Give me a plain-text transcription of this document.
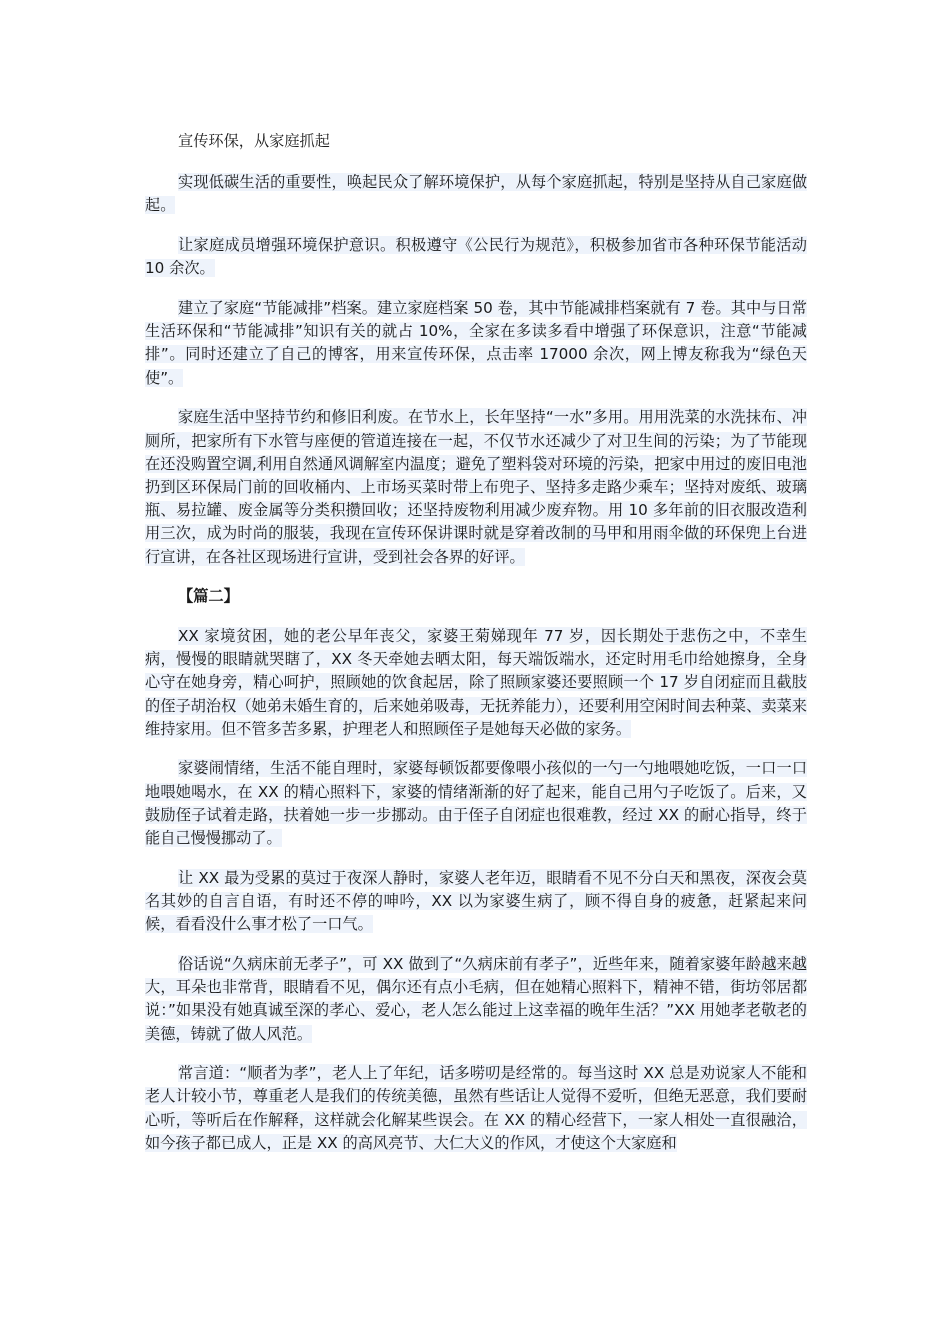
宣传环保，从家庭抓起

实现低碳生活的重要性，唤起民众了解环境保护，从每个家庭抓起，特别是坚持从自己家庭做起。

让家庭成员增强环境保护意识。积极遵守《公民行为规范》，积极参加省市各种环保节能活动 10 余次。

建立了家庭“节能减排”档案。建立家庭档案 50 卷，其中节能减排档案就有 7 卷。其中与日常生活环保和“节能减排”知识有关的就占 10%，全家在多读多看中增强了环保意识，注意“节能减排”。同时还建立了自己的博客，用来宣传环保，点击率 17000 余次，网上博友称我为“绿色天使”。

家庭生活中坚持节约和修旧利废。在节水上，长年坚持“一水”多用。用用洗菜的水洗抹布、冲厕所，把家所有下水管与座便的管道连接在一起，不仅节水还减少了对卫生间的污染；为了节能现在还没购置空调,利用自然通风调解室内温度；避免了塑料袋对环境的污染，把家中用过的废旧电池扔到区环保局门前的回收桶内、上市场买菜时带上布兜子、坚持多走路少乘车；坚持对废纸、玻璃瓶、易拉罐、废金属等分类积攒回收；还坚持废物利用减少废弃物。用 10 多年前的旧衣服改造利用三次，成为时尚的服装，我现在宣传环保讲课时就是穿着改制的马甲和用雨伞做的环保兜上台进行宣讲，在各社区现场进行宣讲，受到社会各界的好评。

【篇二】

XX 家境贫困，她的老公早年丧父，家婆王菊娣现年 77 岁，因长期处于悲伤之中，不幸生病，慢慢的眼睛就哭瞎了，XX 冬天牵她去晒太阳，每天端饭端水，还定时用毛巾给她擦身，全身心守在她身旁，精心呵护，照顾她的饮食起居，除了照顾家婆还要照顾一个 17 岁自闭症而且截肢的侄子胡治权（她弟未婚生育的，后来她弟吸毒，无抚养能力），还要利用空闲时间去种菜、卖菜来维持家用。但不管多苦多累，护理老人和照顾侄子是她每天必做的家务。

家婆闹情绪，生活不能自理时，家婆每顿饭都要像喂小孩似的一勺一勺地喂她吃饭，一口一口地喂她喝水，在 XX 的精心照料下，家婆的情绪渐渐的好了起来，能自己用勺子吃饭了。后来，又鼓励侄子试着走路，扶着她一步一步挪动。由于侄子自闭症也很难教，经过 XX 的耐心指导，终于能自己慢慢挪动了。

让 XX 最为受累的莫过于夜深人静时，家婆人老年迈，眼睛看不见不分白天和黑夜，深夜会莫名其妙的自言自语，有时还不停的呻吟，XX 以为家婆生病了，顾不得自身的疲惫，赶紧起来问候，看看没什么事才松了一口气。

俗话说“久病床前无孝子”，可 XX 做到了“久病床前有孝子”，近些年来，随着家婆年龄越来越大，耳朵也非常背，眼睛看不见，偶尔还有点小毛病，但在她精心照料下，精神不错，街坊邻居都说：”如果没有她真诚至深的孝心、爱心，老人怎么能过上这幸福的晚年生活？”XX 用她孝老敬老的美德，铸就了做人风范。

常言道：“顺者为孝”，老人上了年纪，话多唠叨是经常的。每当这时 XX 总是劝说家人不能和老人计较小节，尊重老人是我们的传统美德，虽然有些话让人觉得不爱听，但绝无恶意，我们要耐心听，等听后在作解释，这样就会化解某些误会。在 XX 的精心经营下，一家人相处一直很融洽，如今孩子都已成人，正是 XX 的高风亮节、大仁大义的作风，才使这个大家庭和
